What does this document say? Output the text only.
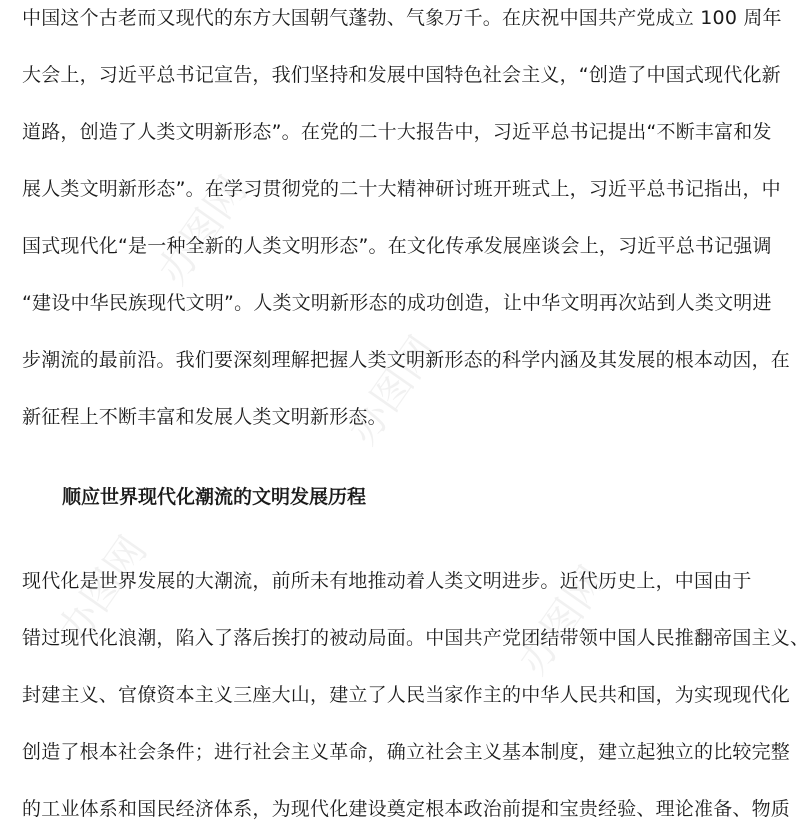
办图网
办图网
办图网	办图网
中国这个古老而又现代的东方大国朝气蓬勃、气象万千。在庆祝中国共产党成立 100 周年
大会上，习近平总书记宣告，我们坚持和发展中国特色社会主义，“创造了中国式现代化新
道路，创造了人类文明新形态”。在党的二十大报告中，习近平总书记提出“不断丰富和发
展人类文明新形态”。在学习贯彻党的二十大精神研讨班开班式上，习近平总书记指出，中
国式现代化“是一种全新的人类文明形态”。在文化传承发展座谈会上，习近平总书记强调
“建设中华民族现代文明”。人类文明新形态的成功创造，让中华文明再次站到人类文明进
步潮流的最前沿。我们要深刻理解把握人类文明新形态的科学内涵及其发展的根本动因，在
新征程上不断丰富和发展人类文明新形态。
顺应世界现代化潮流的文明发展历程
现代化是世界发展的大潮流，前所未有地推动着人类文明进步。近代历史上，中国由于
错过现代化浪潮，陷入了落后挨打的被动局面。中国共产党团结带领中国人民推翻帝国主义、
封建主义、官僚资本主义三座大山，建立了人民当家作主的中华人民共和国，为实现现代化
创造了根本社会条件；进行社会主义革命，确立社会主义基本制度，建立起独立的比较完整
的工业体系和国民经济体系，为现代化建设奠定根本政治前提和宝贵经验、理论准备、物质
